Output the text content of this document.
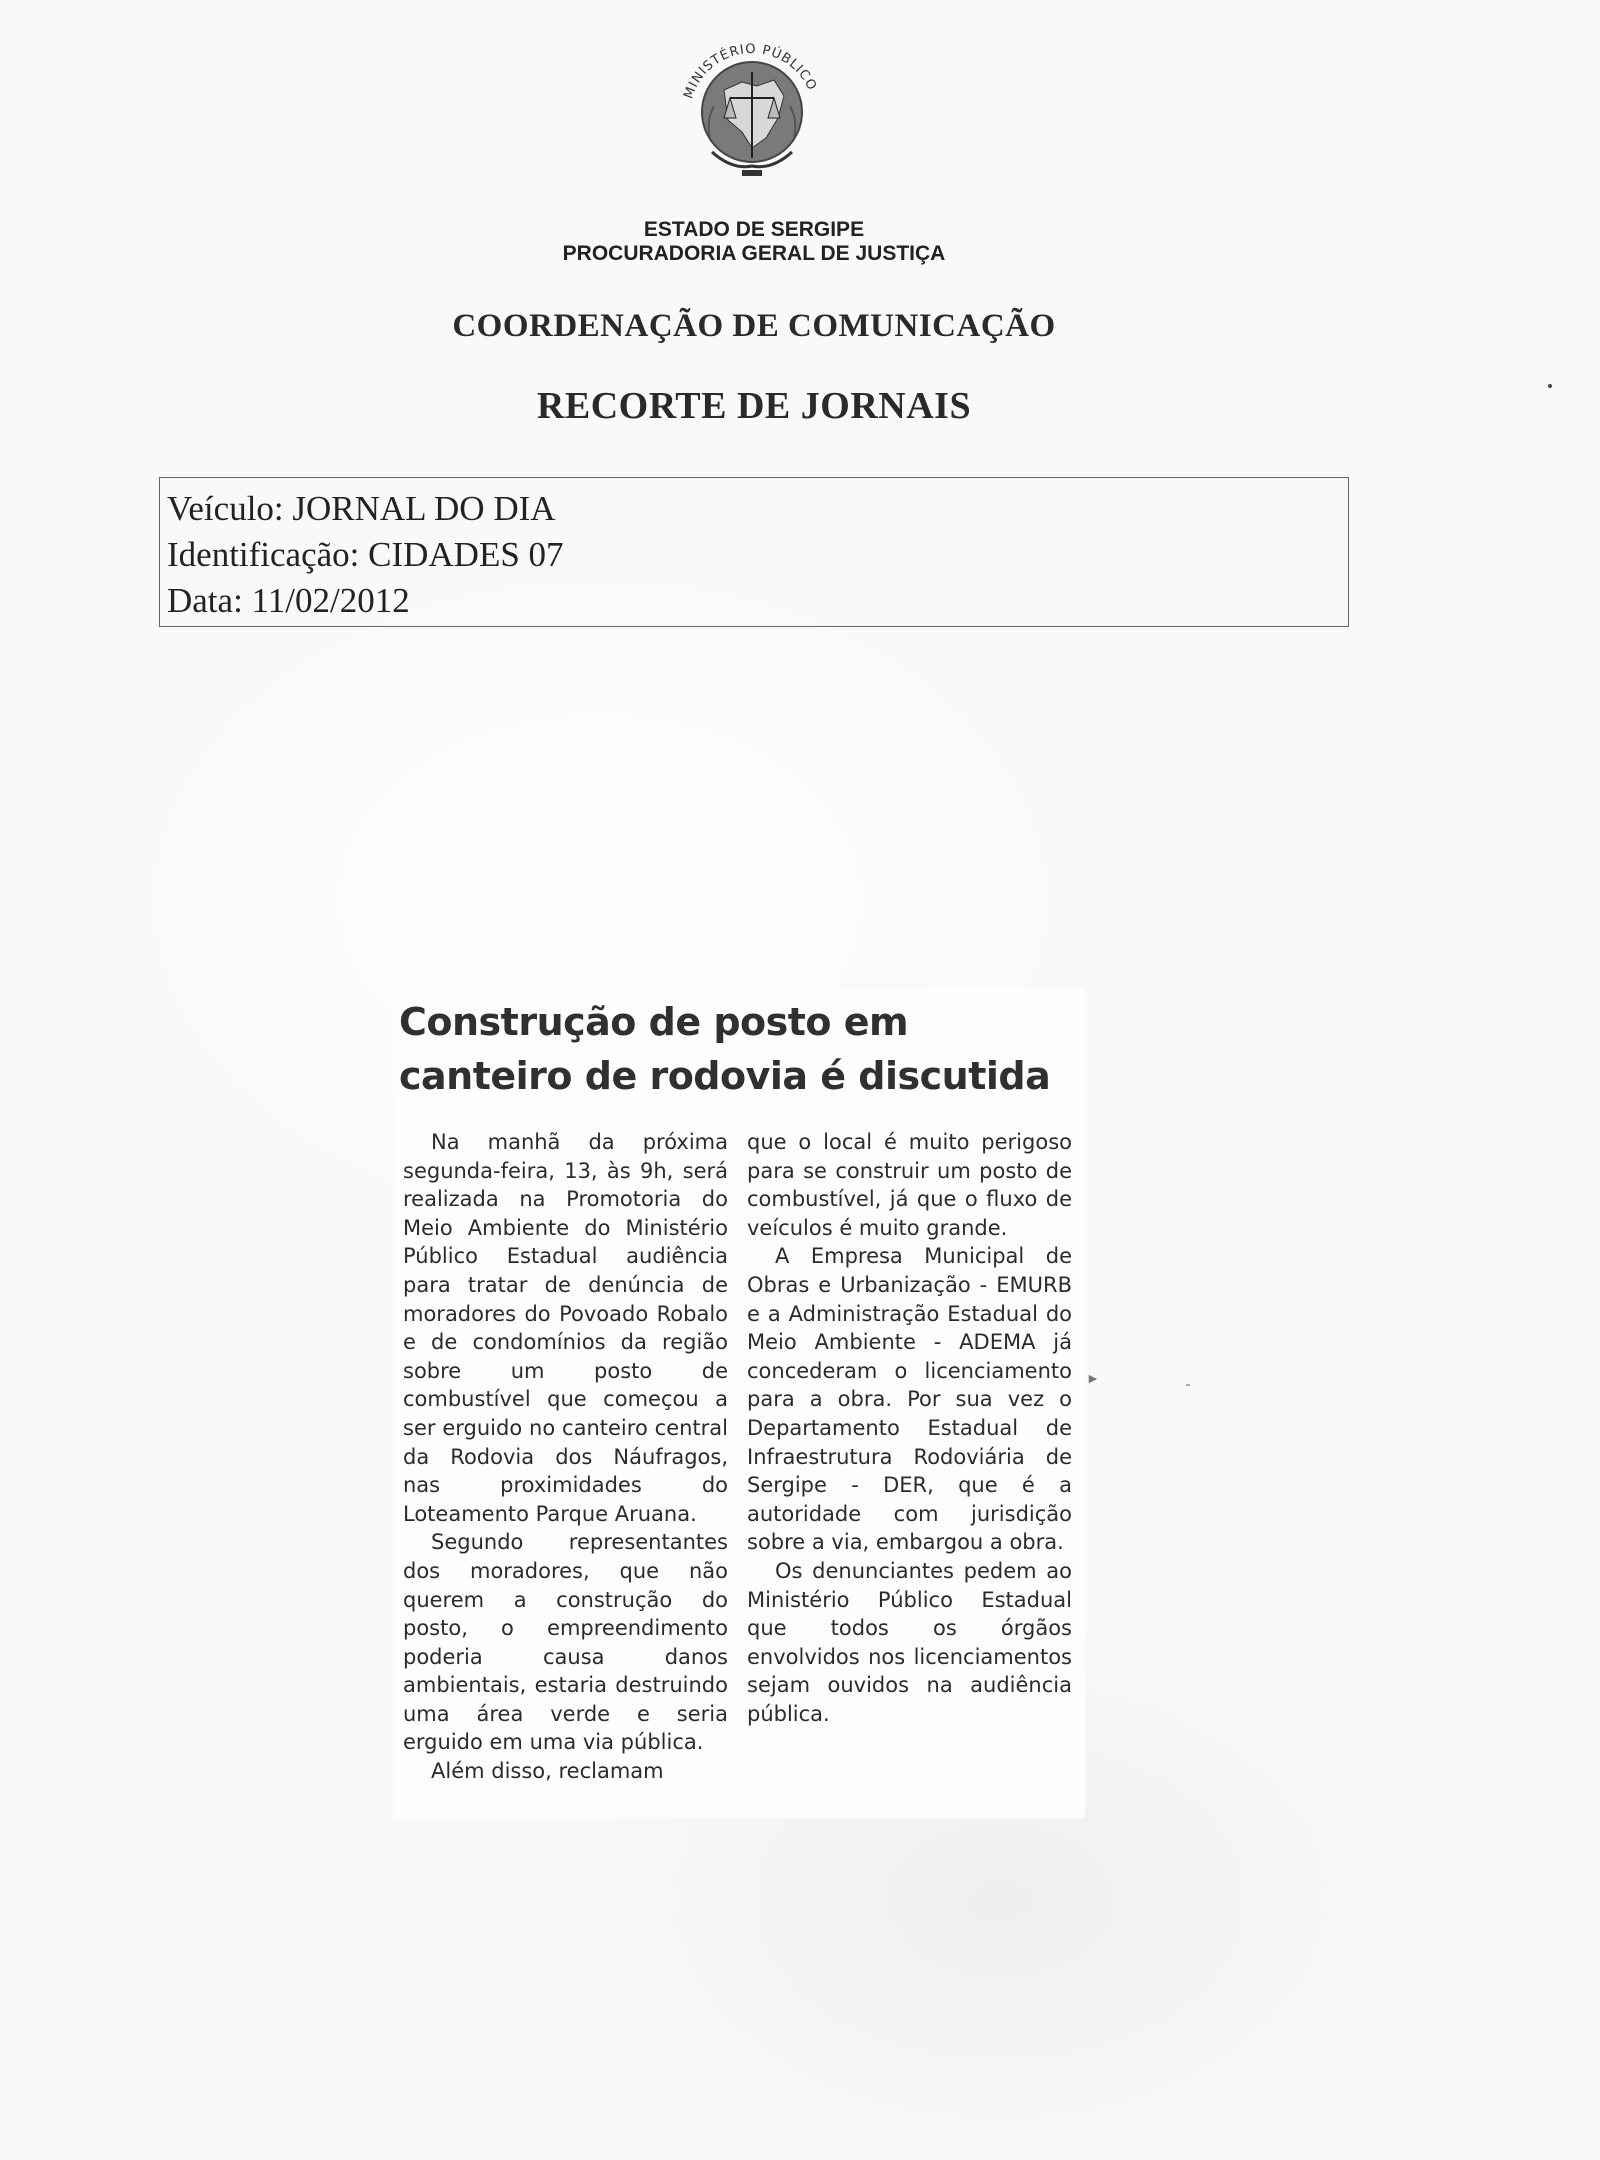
MINISTÉRIO PÚBLICO
ESTADO DE SERGIPE
PROCURADORIA GERAL DE JUSTIÇA
COORDENAÇÃO DE COMUNICAÇÃO
RECORTE DE JORNAIS
Veículo: JORNAL DO DIA
Identificação: CIDADES 07
Data: 11/02/2012
Construção de posto em
canteiro de rodovia é discutida

Na manhã da próxima segunda-feira, 13, às 9h, será realizada na Promotoria do Meio Ambiente do Ministério Público Estadual audiência para tratar de denúncia de moradores do Povoado Robalo e de condomínios da região sobre um posto de combustível que começou a ser erguido no canteiro central da Rodovia dos Náufragos, nas proximidades do Loteamento Parque Aruana.

Segundo representantes dos moradores, que não querem a construção do posto, o empreendimento poderia causa danos ambientais, estaria destruindo uma área verde e seria erguido em uma via pública.

Além disso, reclamam

que o local é muito perigoso para se construir um posto de combustível, já que o fluxo de veículos é muito grande.

A Empresa Municipal de Obras e Urbanização - EMURB e a Administração Estadual do Meio Ambiente - ADEMA já concederam o licenciamento para a obra. Por sua vez o Departamento Estadual de Infraestrutura Rodoviária de Sergipe - DER, que é a autoridade com jurisdição sobre a via, embargou a obra.

Os denunciantes pedem ao Ministério Público Estadual que todos os órgãos envolvidos nos licenciamentos sejam ouvidos na audiência pública.

►
